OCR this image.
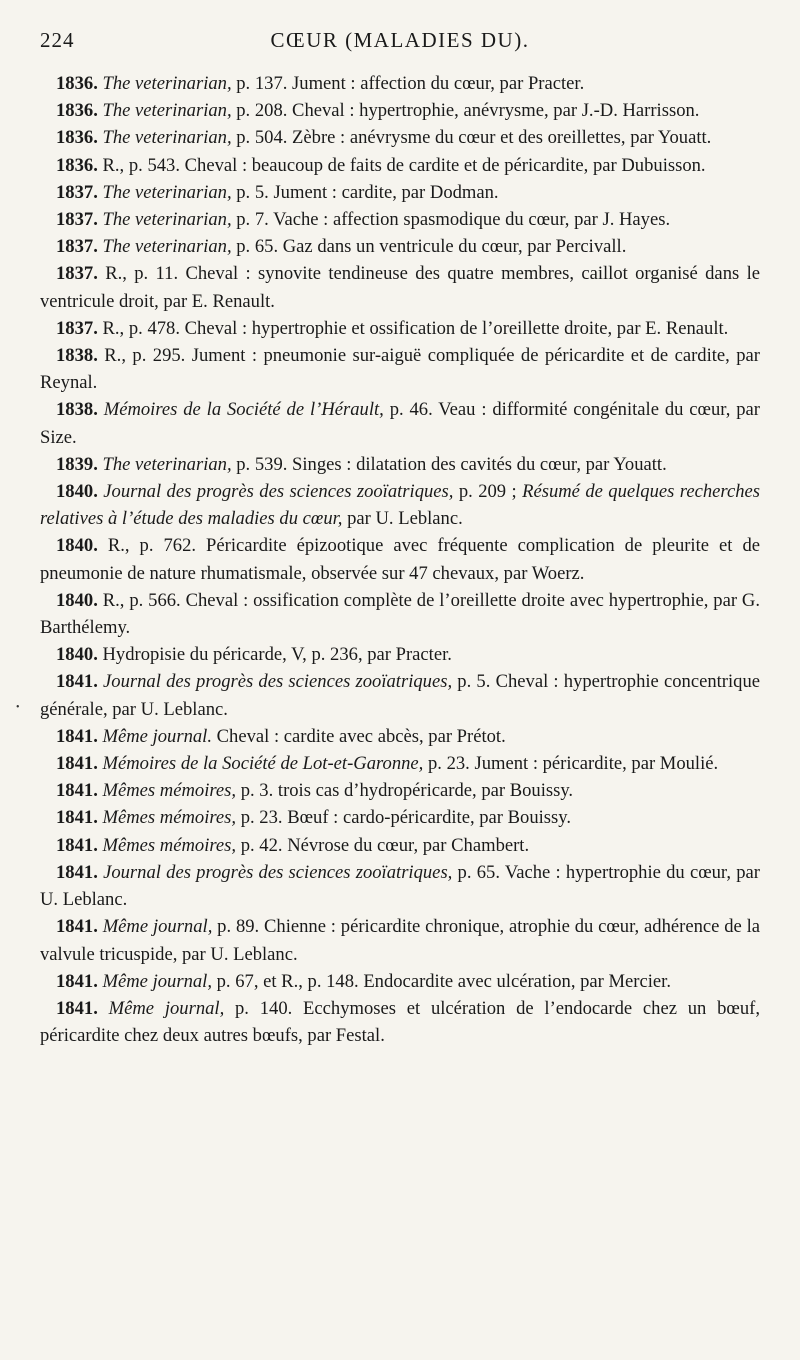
224	CŒUR (MALADIES DU).

1836. The veterinarian, p. 137. Jument : affection du cœur, par Practer.

1836. The veterinarian, p. 208. Cheval : hypertrophie, anévrysme, par J.-D. Harrisson.

1836. The veterinarian, p. 504. Zèbre : anévrysme du cœur et des oreillettes, par Youatt.

1836. R., p. 543. Cheval : beaucoup de faits de cardite et de péricardite, par Dubuisson.

1837. The veterinarian, p. 5. Jument : cardite, par Dodman.

1837. The veterinarian, p. 7. Vache : affection spasmodique du cœur, par J. Hayes.

1837. The veterinarian, p. 65. Gaz dans un ventricule du cœur, par Percivall.

1837. R., p. 11. Cheval : synovite tendineuse des quatre membres, caillot organisé dans le ventricule droit, par E. Renault.

1837. R., p. 478. Cheval : hypertrophie et ossification de l’oreillette droite, par E. Renault.

1838. R., p. 295. Jument : pneumonie sur-aiguë compliquée de péricardite et de cardite, par Reynal.

1838. Mémoires de la Société de l’Hérault, p. 46. Veau : difformité congénitale du cœur, par Size.

1839. The veterinarian, p. 539. Singes : dilatation des cavités du cœur, par Youatt.

1840. Journal des progrès des sciences zooïatriques, p. 209 ; Résumé de quelques recherches relatives à l’étude des maladies du cœur, par U. Leblanc.

1840. R., p. 762. Péricardite épizootique avec fréquente complication de pleurite et de pneumonie de nature rhumatismale, observée sur 47 chevaux, par Woerz.

1840. R., p. 566. Cheval : ossification complète de l’oreillette droite avec hypertrophie, par G. Barthélemy.

1840. Hydropisie du péricarde, V, p. 236, par Practer.

1841. Journal des progrès des sciences zooïatriques, p. 5. Cheval : hypertrophie concentrique générale, par U. Leblanc.

1841. Même journal. Cheval : cardite avec abcès, par Prétot.

1841. Mémoires de la Société de Lot-et-Garonne, p. 23. Jument : péricardite, par Moulié.

1841. Mêmes mémoires, p. 3. trois cas d’hydropéricarde, par Bouissy.

1841. Mêmes mémoires, p. 23. Bœuf : cardo-péricardite, par Bouissy.

1841. Mêmes mémoires, p. 42. Névrose du cœur, par Chambert.

1841. Journal des progrès des sciences zooïatriques, p. 65. Vache : hypertrophie du cœur, par U. Leblanc.

1841. Même journal, p. 89. Chienne : péricardite chronique, atrophie du cœur, adhérence de la valvule tricuspide, par U. Leblanc.

1841. Même journal, p. 67, et R., p. 148. Endocardite avec ulcération, par Mercier.

1841. Même journal, p. 140. Ecchymoses et ulcération de l’endocarde chez un bœuf, péricardite chez deux autres bœufs, par Festal.

•
